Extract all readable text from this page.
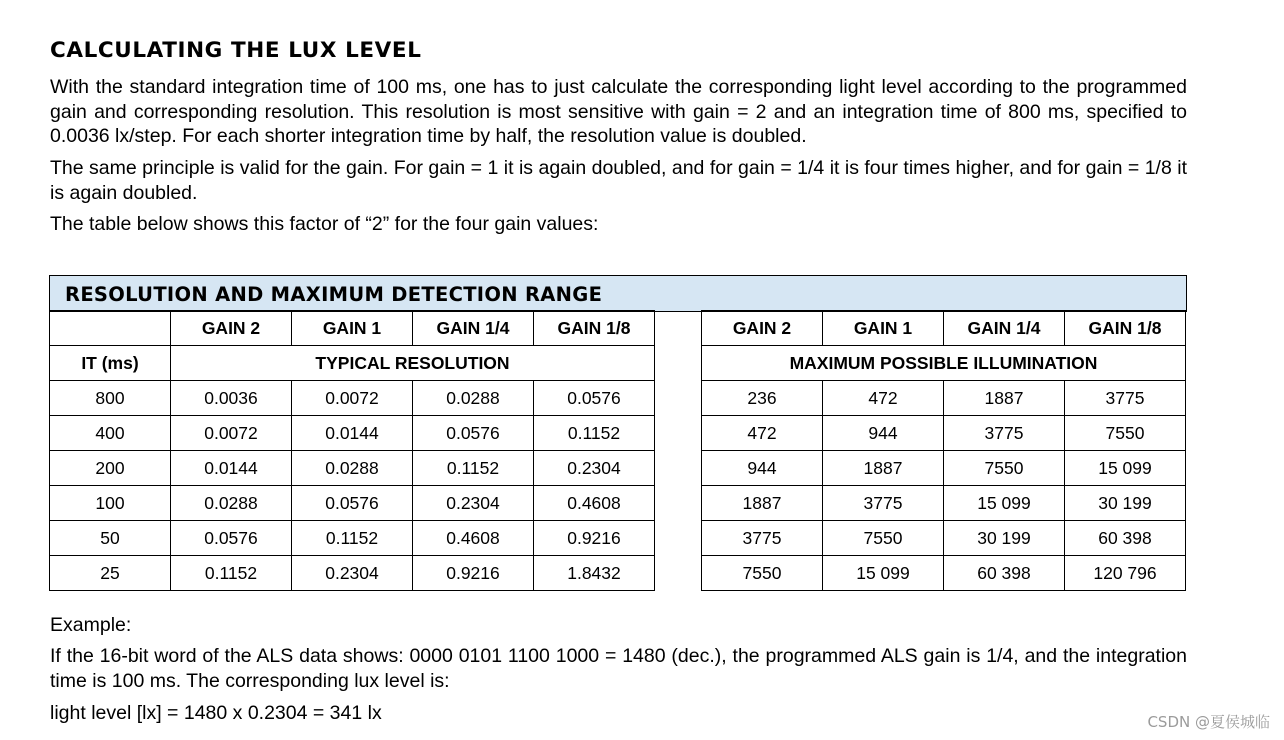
CALCULATING THE LUX LEVEL
With the standard integration time of 100 ms, one has to just calculate the corresponding light level according to the programmed gain and corresponding resolution. This resolution is most sensitive with gain = 2 and an integration time of 800 ms, specified to 0.0036 lx/step. For each shorter integration time by half, the resolution value is doubled.
The same principle is valid for the gain. For gain = 1 it is again doubled, and for gain = 1/4 it is four times higher, and for gain = 1/8 it is again doubled.
The table below shows this factor of “2” for the four gain values:
RESOLUTION AND MAXIMUM DETECTION RANGE
	GAIN 2	GAIN 1	GAIN 1/4	GAIN 1/8
IT (ms)	TYPICAL RESOLUTION			
800	0.0036	0.0072	0.0288	0.0576
400	0.0072	0.0144	0.0576	0.1152
200	0.0144	0.0288	0.1152	0.2304
100	0.0288	0.0576	0.2304	0.4608
50	0.0576	0.1152	0.4608	0.9216
25	0.1152	0.2304	0.9216	1.8432
GAIN 2	GAIN 1	GAIN 1/4	GAIN 1/8
MAXIMUM POSSIBLE ILLUMINATION			
236	472	1887	3775
472	944	3775	7550
944	1887	7550	15 099
1887	3775	15 099	30 199
3775	7550	30 199	60 398
7550	15 099	60 398	120 796
Example:
If the 16-bit word of the ALS data shows: 0000 0101 1100 1000 = 1480 (dec.), the programmed ALS gain is 1/4, and the integration time is 100 ms. The corresponding lux level is:
light level [lx] = 1480 x 0.2304 = 341 lx	CSDN @夏侯城临
